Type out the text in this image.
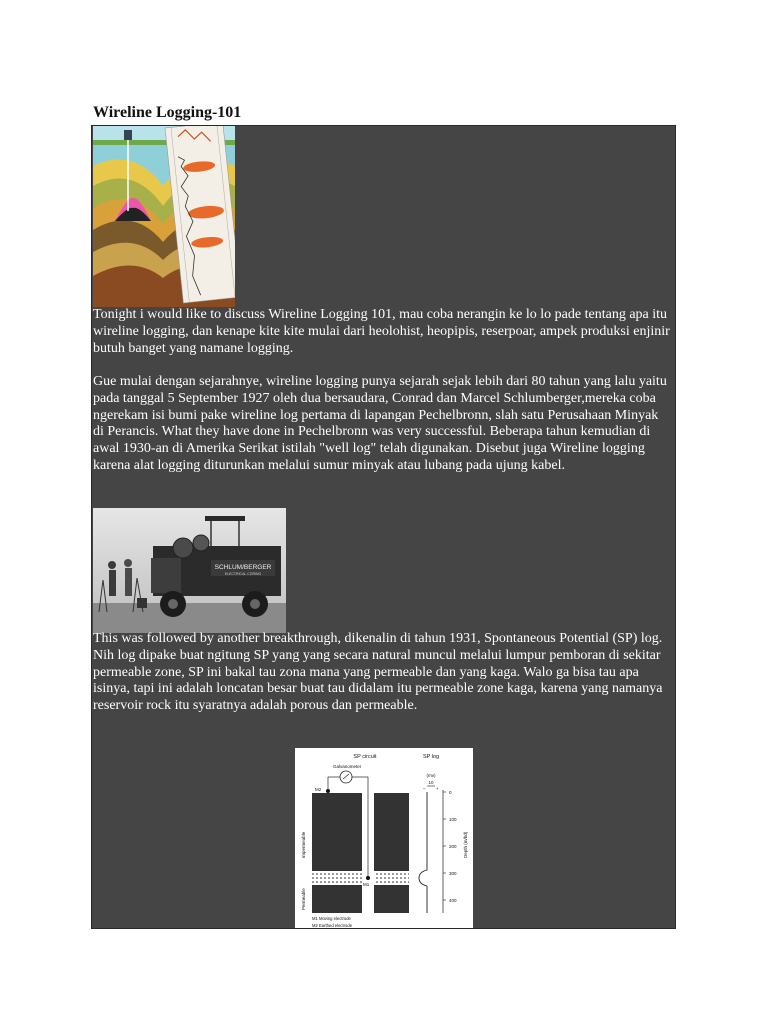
Wireline Logging-101

Tonight i would like to discuss Wireline Logging 101, mau coba nerangin ke lo lo pade tentang apa itu wireline logging, dan kenape kite kite mulai dari heolohist, heopipis, reserpoar, ampek produksi enjinir butuh banget yang namane logging.

Gue mulai dengan sejarahnye, wireline logging punya sejarah sejak lebih dari 80 tahun yang lalu yaitu pada tanggal 5 September 1927 oleh dua bersaudara, Conrad dan Marcel Schlumberger,mereka coba ngerekam isi bumi pake wireline log pertama di lapangan Pechelbronn, slah satu Perusahaan Minyak di Perancis. What they have done in Pechelbronn was very successful. Beberapa tahun kemudian di awal 1930-an di Amerika Serikat istilah "well log" telah digunakan. Disebut juga Wireline logging karena alat logging diturunkan melalui sumur minyak atau lubang pada ujung kabel.

SCHLUM/BERGER
ELECTRICAL CORING

This was followed by another breakthrough, dikenalin di tahun 1931, Spontaneous Potential (SP) log. Nih log dipake buat ngitung SP yang yang secara natural muncul melalui lumpur pemboran di sekitar permeable zone, SP ini bakal tau zona mana yang permeable dan yang kaga. Walo ga bisa tau apa isinya, tapi ini adalah loncatan besar buat tau didalam itu permeable zone kaga, karena yang namanya reservoir rock itu syaratnya adalah porous dan permeable.

SP circuit	SP log
Galvanometer
M2
M1
Impermeable
Permeable
(mv)
10
– +
0
100
200
300
400
Depth (m/bd)
M1 Moving electrode
M2 Earthed electrode
